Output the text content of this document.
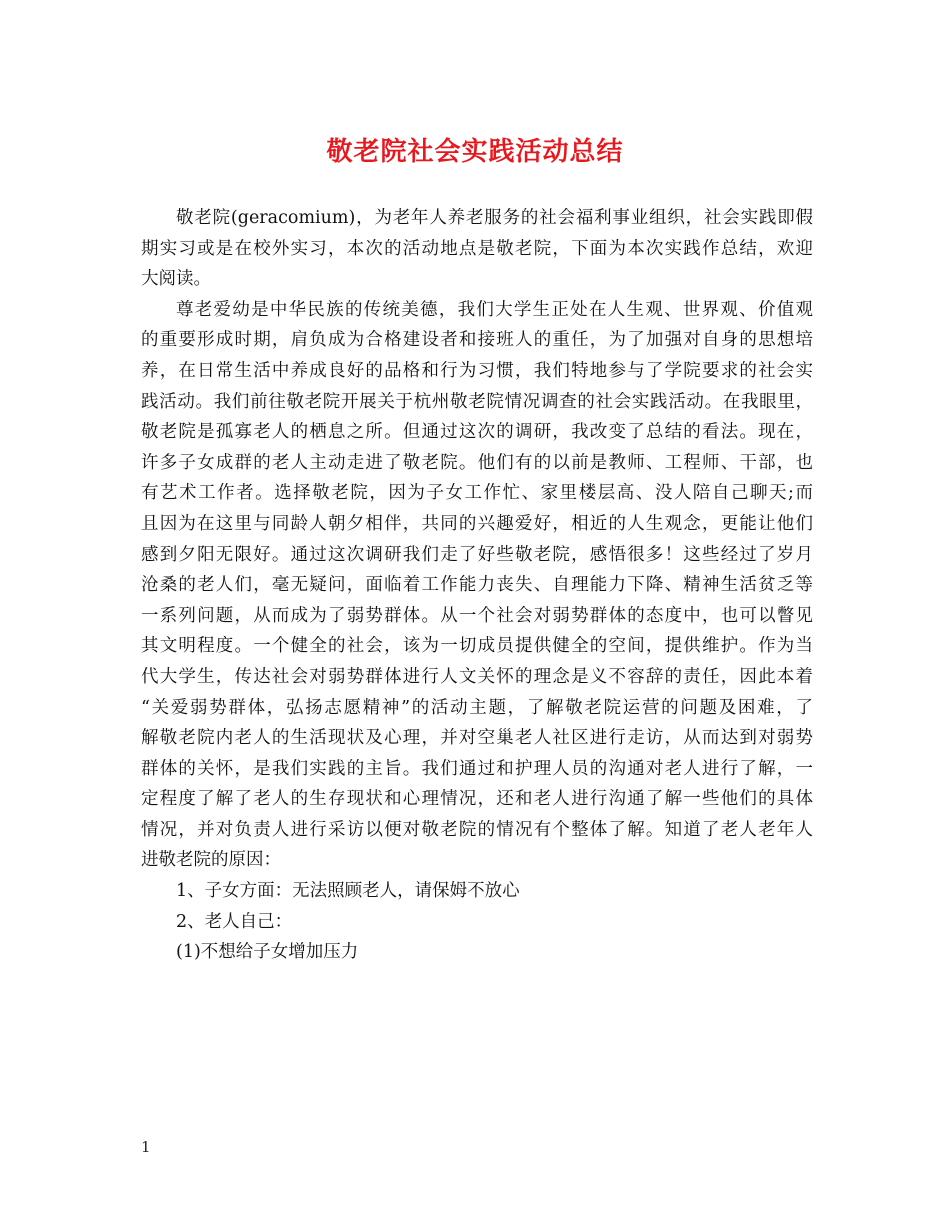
敬老院社会实践活动总结
敬老院(geracomium)，为老年人养老服务的社会福利事业组织，社会实践即假
期实习或是在校外实习，本次的活动地点是敬老院，下面为本次实践作总结，欢迎
大阅读。
尊老爱幼是中华民族的传统美德，我们大学生正处在人生观、世界观、价值观
的重要形成时期，肩负成为合格建设者和接班人的重任，为了加强对自身的思想培
养，在日常生活中养成良好的品格和行为习惯，我们特地参与了学院要求的社会实
践活动。我们前往敬老院开展关于杭州敬老院情况调查的社会实践活动。在我眼里，
敬老院是孤寡老人的栖息之所。但通过这次的调研，我改变了总结的看法。现在，
许多子女成群的老人主动走进了敬老院。他们有的以前是教师、工程师、干部，也
有艺术工作者。选择敬老院，因为子女工作忙、家里楼层高、没人陪自己聊天;而
且因为在这里与同龄人朝夕相伴，共同的兴趣爱好，相近的人生观念，更能让他们
感到夕阳无限好。通过这次调研我们走了好些敬老院，感悟很多！这些经过了岁月
沧桑的老人们，毫无疑问，面临着工作能力丧失、自理能力下降、精神生活贫乏等
一系列问题，从而成为了弱势群体。从一个社会对弱势群体的态度中，也可以瞥见
其文明程度。一个健全的社会，该为一切成员提供健全的空间，提供维护。作为当
代大学生，传达社会对弱势群体进行人文关怀的理念是义不容辞的责任，因此本着
“关爱弱势群体，弘扬志愿精神”的活动主题，了解敬老院运营的问题及困难，了
解敬老院内老人的生活现状及心理，并对空巢老人社区进行走访，从而达到对弱势
群体的关怀，是我们实践的主旨。我们通过和护理人员的沟通对老人进行了解，一
定程度了解了老人的生存现状和心理情况，还和老人进行沟通了解一些他们的具体
情况，并对负责人进行采访以便对敬老院的情况有个整体了解。知道了老人老年人
进敬老院的原因：
1、子女方面：无法照顾老人，请保姆不放心
2、老人自己：
(1)不想给子女增加压力
1
